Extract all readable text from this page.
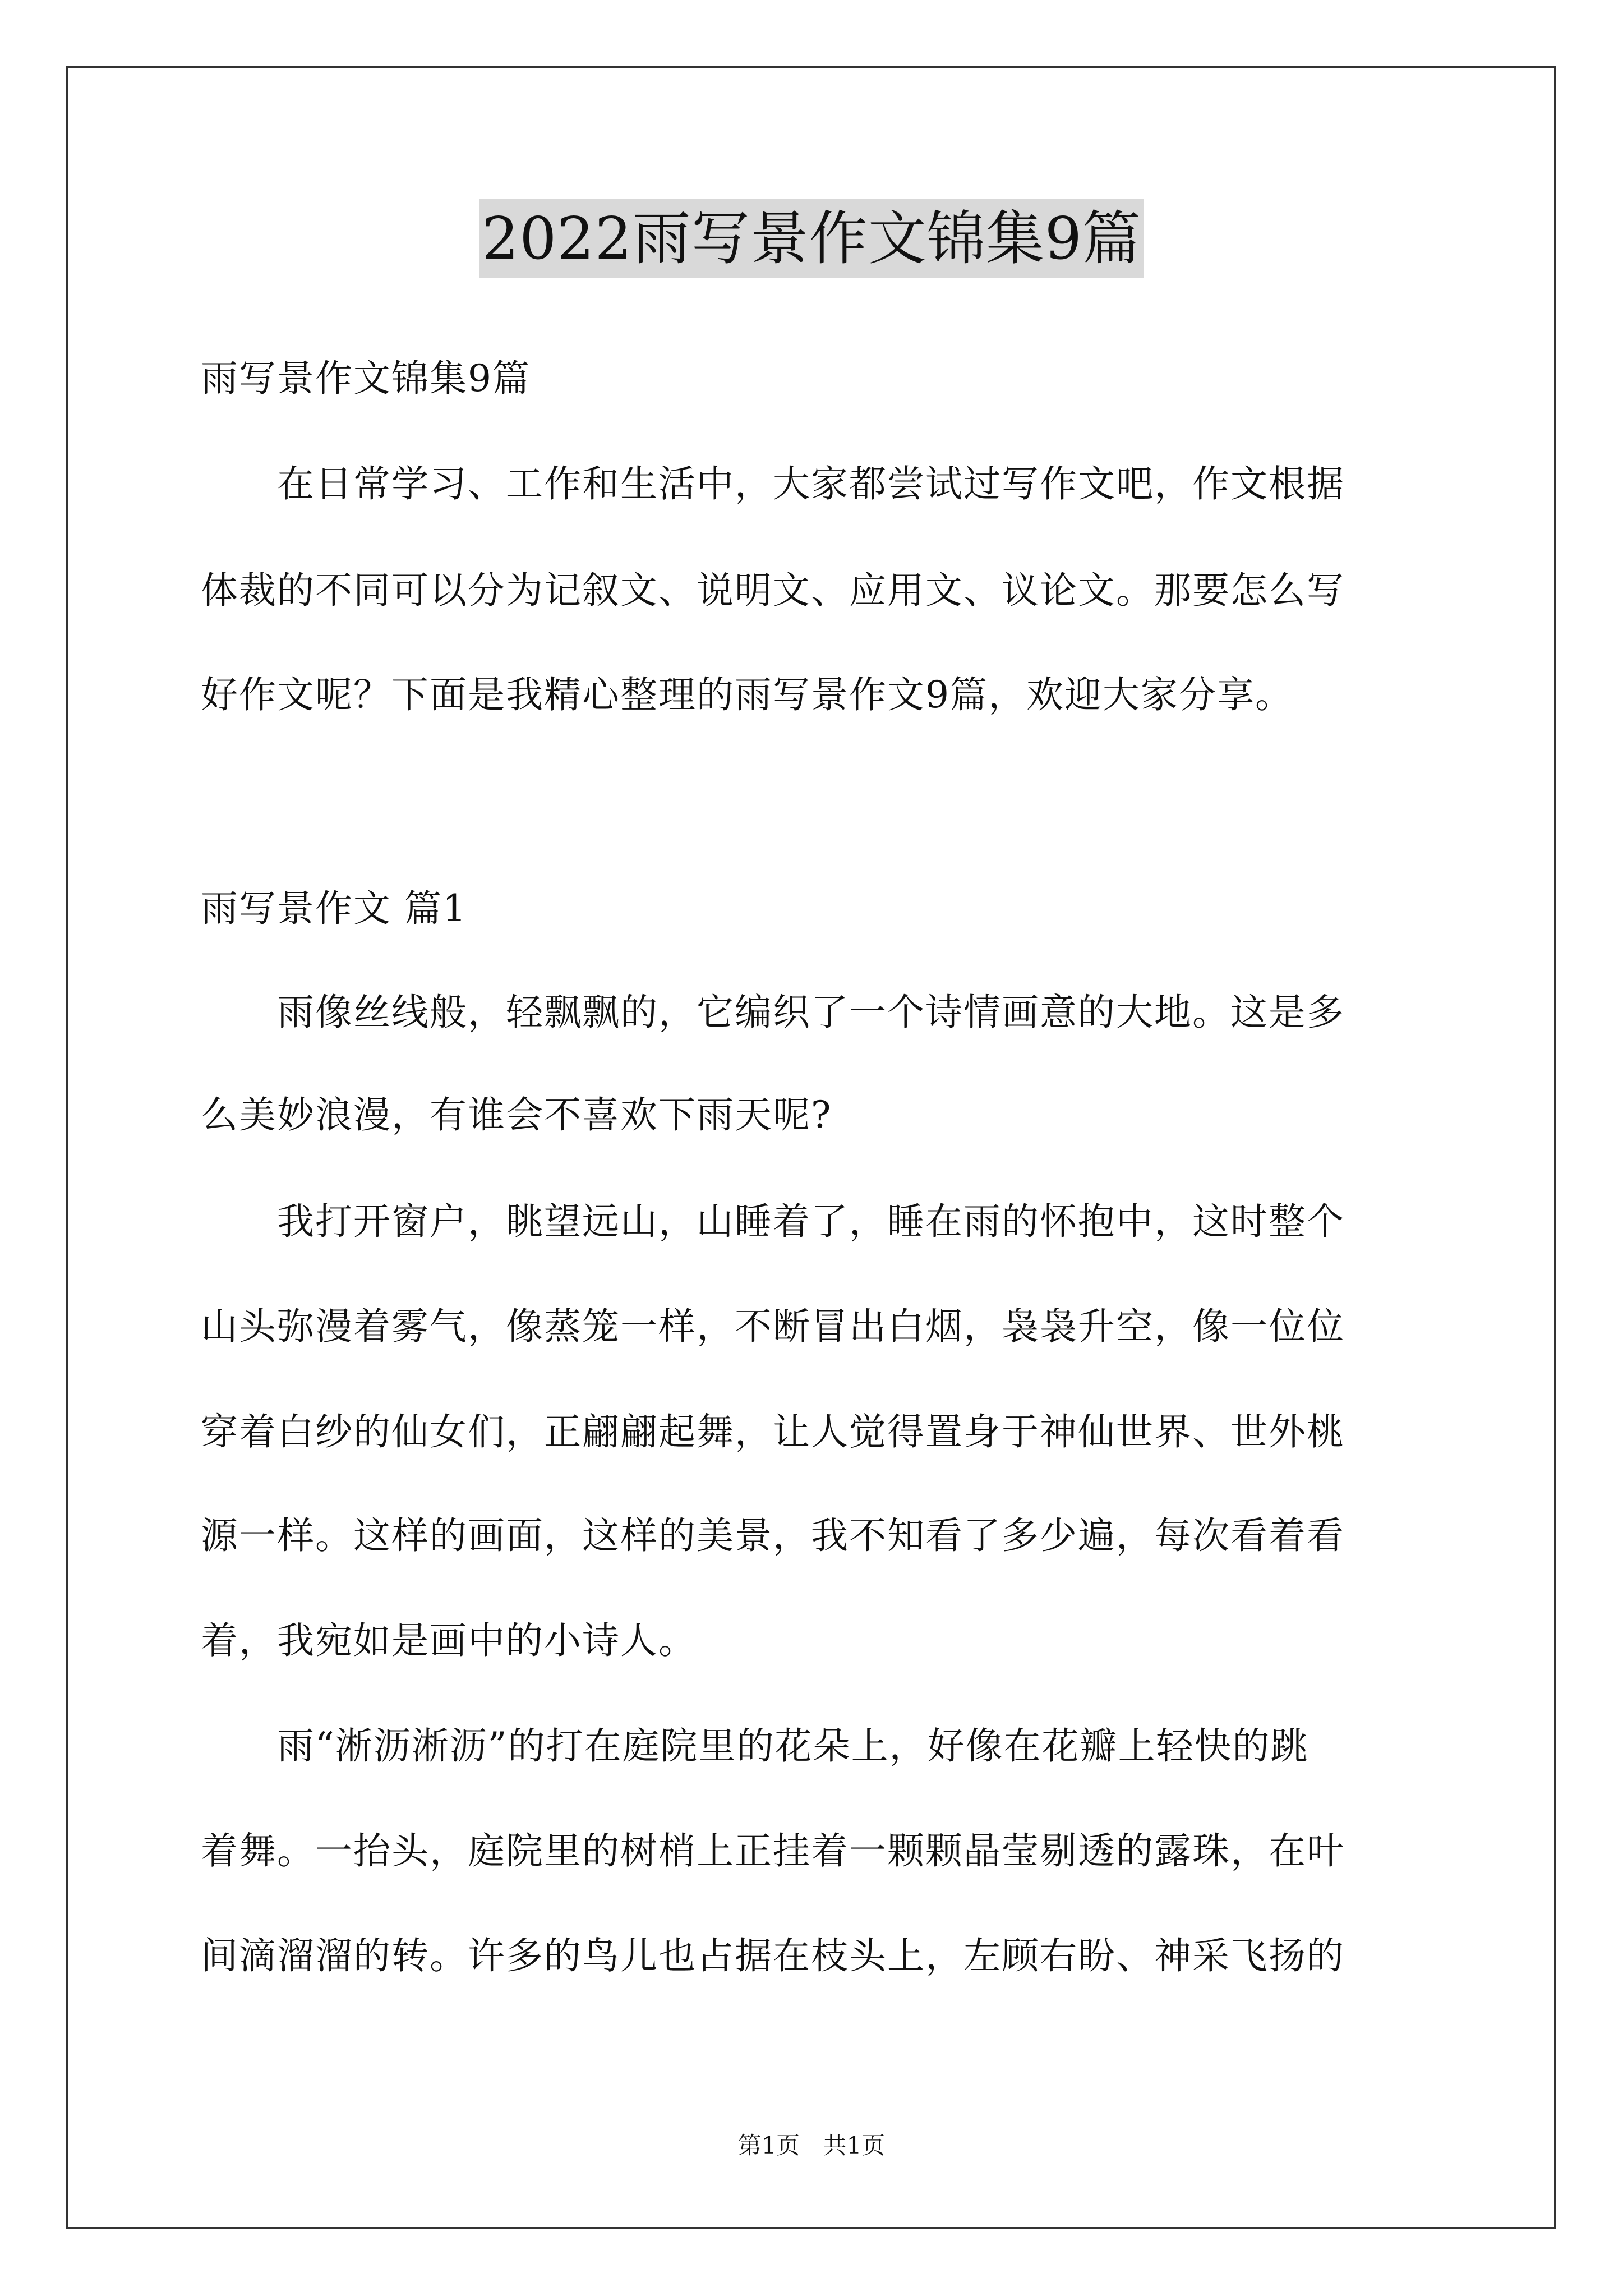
2022雨写景作文锦集9篇
雨写景作文锦集9篇
　　在日常学习、工作和生活中，大家都尝试过写作文吧，作文根据
体裁的不同可以分为记叙文、说明文、应用文、议论文。那要怎么写
好作文呢？下面是我精心整理的雨写景作文9篇，欢迎大家分享。
雨写景作文 篇1
　　雨像丝线般，轻飘飘的，它编织了一个诗情画意的大地。这是多
么美妙浪漫，有谁会不喜欢下雨天呢?
　　我打开窗户，眺望远山，山睡着了，睡在雨的怀抱中，这时整个
山头弥漫着雾气，像蒸笼一样，不断冒出白烟，袅袅升空，像一位位
穿着白纱的仙女们，正翩翩起舞，让人觉得置身于神仙世界、世外桃
源一样。这样的画面，这样的美景，我不知看了多少遍，每次看着看
着，我宛如是画中的小诗人。
　　雨“淅沥淅沥”的打在庭院里的花朵上，好像在花瓣上轻快的跳
着舞。一抬头，庭院里的树梢上正挂着一颗颗晶莹剔透的露珠，在叶
间滴溜溜的转。许多的鸟儿也占据在枝头上，左顾右盼、神采飞扬的
第1页 共1页
